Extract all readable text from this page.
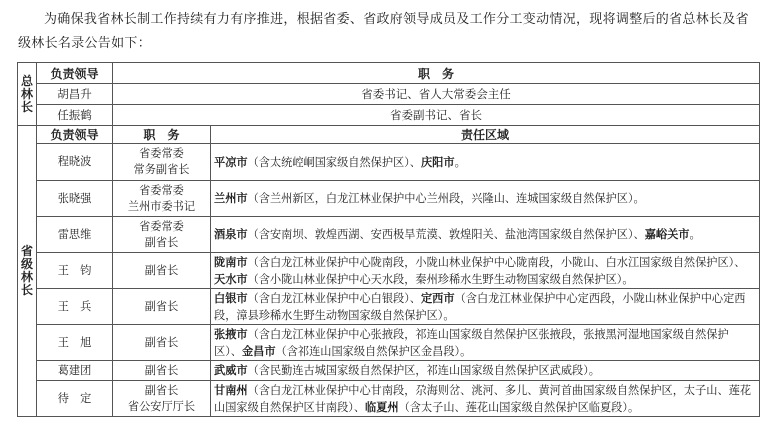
为确保我省林长制工作持续有力有序推进，根据省委、省政府领导成员及工作分工变动情况，现将调整后的省总林长及省级林长名录公告如下：

总
林
长	负责领导	职　务	
	胡昌升	省委书记、省人大常委会主任	
	任振鹤	省委副书记、省长	
省
级
林
长	负责领导	职　务	责任区域
	程晓波	省委常委
常务副省长	平凉市（含太统崆峒国家级自然保护区）、庆阳市。
	张晓强	省委常委
兰州市委书记	兰州市（含兰州新区，白龙江林业保护中心兰州段，兴隆山、连城国家级自然保护区）。
	雷思维	省委常委
副省长	酒泉市（含安南坝、敦煌西湖、安西极旱荒漠、敦煌阳关、盐池湾国家级自然保护区）、嘉峪关市。
	王　钧	副省长	陇南市（含白龙江林业保护中心陇南段，小陇山林业保护中心陇南段，小陇山、白水江国家级自然保护区）、天水市（含小陇山林业保护中心天水段，秦州珍稀水生野生动物国家级自然保护区）。
	王　兵	副省长	白银市（含白龙江林业保护中心白银段）、定西市（含白龙江林业保护中心定西段，小陇山林业保护中心定西段，漳县珍稀水生野生动物国家级自然保护区）。
	王　旭	副省长	张掖市（含白龙江林业保护中心张掖段，祁连山国家级自然保护区张掖段，张掖黑河湿地国家级自然保护区）、金昌市（含祁连山国家级自然保护区金昌段）。
	葛建团	副省长	武威市（含民勤连古城国家级自然保护区，祁连山国家级自然保护区武威段）。
	待　定	副省长
省公安厅厅长	甘南州（含白龙江林业保护中心甘南段，尕海则岔、洮河、多儿、黄河首曲国家级自然保护区，太子山、莲花山国家级自然保护区甘南段）、临夏州（含太子山、莲花山国家级自然保护区临夏段）。
